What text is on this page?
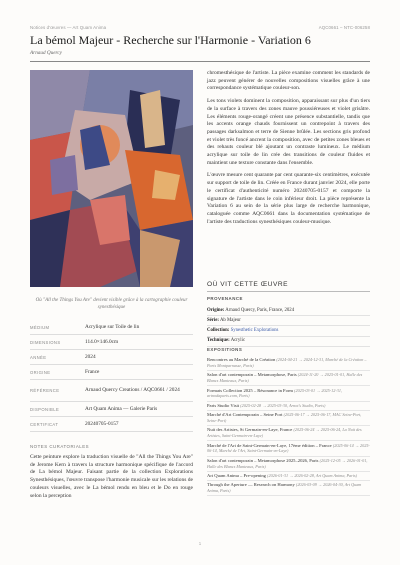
Notices d'œuvres — Art Quam Anima	AQC0661 – NTC-006258
La bémol Majeur - Recherche sur l'Harmonie - Variation 6
Arnaud Quercy
Où "All the Things You Are" devient visible grâce à la cartographie couleur synesthésique
MÉDIUM	Acrylique sur Toile de lin
DIMENSIONS	114.0×146.0cm
ANNÉE	2024
ORIGINE	France
RÉFÉRENCE	Arnaud Quercy Creations / AQC0661 / 2024
DISPONIBLE	Art Quam Anima — Galerie Paris
CERTIFICAT	20240705-0157
NOTES CURATORIALES
Cette peinture explore la traduction visuelle de "All the Things You Are" de Jerome Kern à travers la structure harmonique spécifique de l'accord de La bémol Majeur. Faisant partie de la collection Explorations Synesthésiques, l'œuvre transpose l'harmonie musicale sur les relations de couleurs visuelles, avec le La bémol rendu en bleu et le Do en rouge selon la perception

chromesthésique de l'artiste. La pièce examine comment les standards de jazz peuvent générer de nouvelles compositions visuelles grâce à une correspondance systématique couleur-son.

Les tons violets dominent la composition, apparaissant sur plus d'un tiers de la surface à travers des zones mauve poussiéreuses et violet grisâtre. Les éléments rouge-orangé créent une présence substantielle, tandis que les accents orange chauds fournissent un contrepoint à travers des passages darksalmon et terre de Sienne brûlée. Les sections gris profond et violet très foncé ancrent la composition, avec de petites zones bleues et des rehauts couleur blé ajoutant un contraste lumineux. Le médium acrylique sur toile de lin crée des transitions de couleur fluides et maintient une texture constante dans l'ensemble.

L'œuvre mesure cent quarante par cent quarante-six centimètres, exécutée sur support de toile de lin. Créée en France durant janvier 2024, elle porte le certificat d'authenticité numéro 20240705-0157 et comporte la signature de l'artiste dans le coin inférieur droit. La pièce représente la Variation 6 au sein de la série plus large de recherche harmonique, cataloguée comme AQC0661 dans la documentation systématique de l'artiste des traductions synesthésiques couleur-musique.

OÙ VIT CETTE ŒUVRE
PROVENANCE
Origine: Arnaud Quercy, Paris, France, 2024
Série: Ab Majeur
Collection: Synesthetic Explorations
Technique: Acrylic
EXPOSITIONS
Rencontres au Marché de la Création (2024-04-21 → 2024-12-31, Marché de la Création – Paris Montparnasse, Paris)
Salon d'art contemporain – Metamorphose, Paris (2024-11-20 → 2025-01-01, Halle des Blancs Manteaux, Paris)
Formats Collection 2025 – Résonance in Form (2025-03-01 → 2025-12-31, artnodaparis.com, Paris)
Paris Studio Visit (2025-02-28 → 2025-03-30, Arnot's Studio, Paris)
Marché d'Art Contemporain – Seine Port (2025-06-17 → 2025-06-17, MAC Seine-Port, Seine-Port)
Nuit des Artistes, St Germain-en-Laye, France (2025-06-24 → 2025-06-24, La Nuit des Artistes, Saint-Germain-en-Laye)
Marché de l'Art de Saint-Germain-en-Laye, 17ème édition – France (2025-06-14 → 2025-06-14, Marché de l'Art, Saint-Germain-en-Laye)
Salon d'art contemporain – Metamorphose 2025–2026, Paris (2025-12-05 → 2026-01-01, Halle des Blancs Manteaux, Paris)
Art Quam Anima – Pre-opening (2026-01-31 → 2026-02-28, Art Quam Anima, Paris)
Through the Aperture — Research on Harmony (2026-03-09 → 2026-04-30, Art Quam Anima, Paris)
1
